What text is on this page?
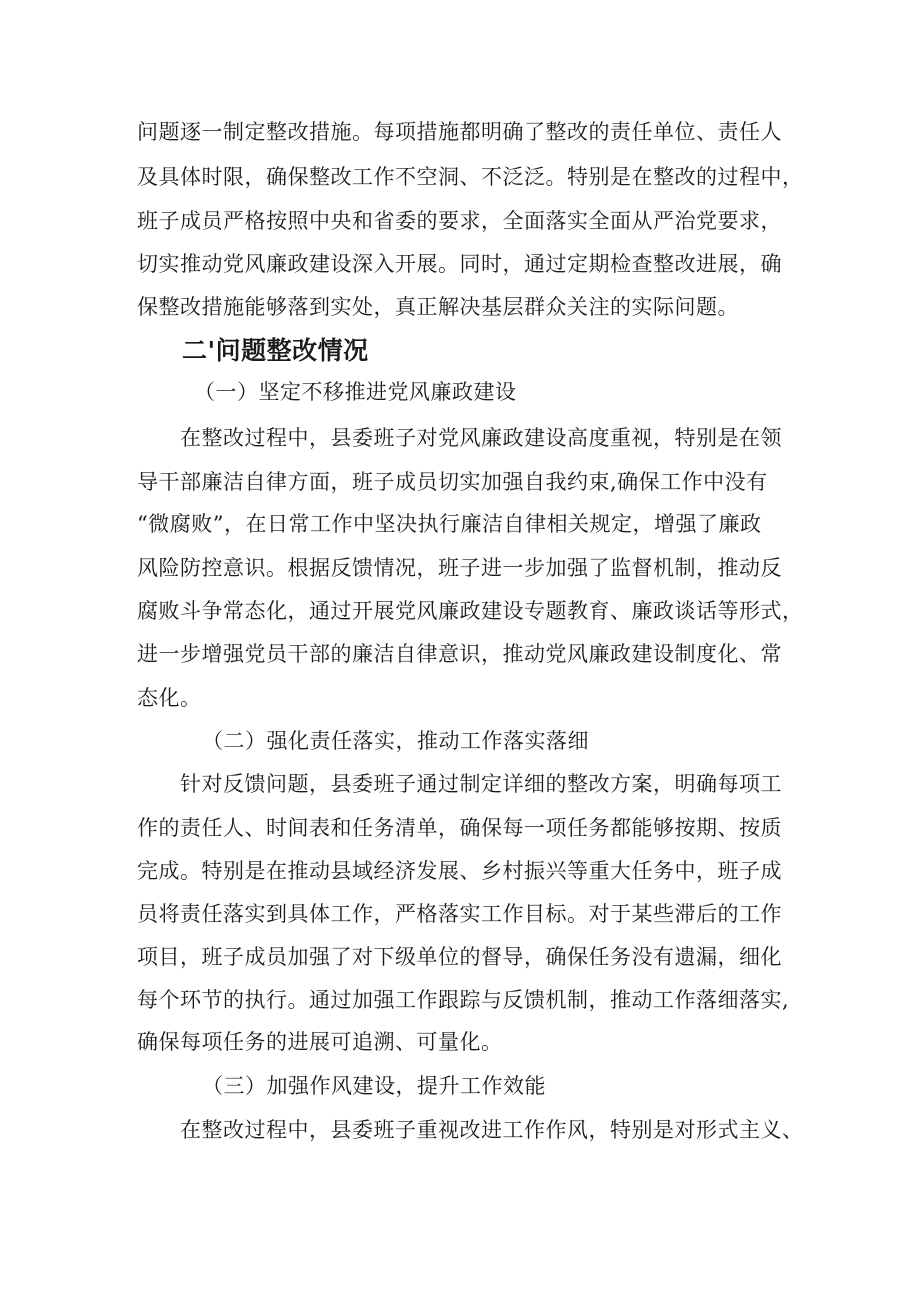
问题逐一制定整改措施。每项措施都明确了整改的责任单位、责任人
及具体时限，确保整改工作不空洞、不泛泛。特别是在整改的过程中，
班子成员严格按照中央和省委的要求，全面落实全面从严治党要求，
切实推动党风廉政建设深入开展。同时，通过定期检查整改进展，确
保整改措施能够落到实处，真正解决基层群众关注的实际问题。
二'问题整改情况
（一）坚定不移推进党风廉政建设
在整改过程中，县委班子对党风廉政建设高度重视，特别是在领
导干部廉洁自律方面，班子成员切实加强自我约束,确保工作中没有
“微腐败”，在日常工作中坚决执行廉洁自律相关规定，增强了廉政
风险防控意识。根据反馈情况，班子进一步加强了监督机制，推动反
腐败斗争常态化，通过开展党风廉政建设专题教育、廉政谈话等形式，
进一步增强党员干部的廉洁自律意识，推动党风廉政建设制度化、常
态化。
（二）强化责任落实，推动工作落实落细
针对反馈问题，县委班子通过制定详细的整改方案，明确每项工
作的责任人、时间表和任务清单，确保每一项任务都能够按期、按质
完成。特别是在推动县域经济发展、乡村振兴等重大任务中，班子成
员将责任落实到具体工作，严格落实工作目标。对于某些滞后的工作
项目，班子成员加强了对下级单位的督导，确保任务没有遗漏，细化
每个环节的执行。通过加强工作跟踪与反馈机制，推动工作落细落实,
确保每项任务的进展可追溯、可量化。
（三）加强作风建设，提升工作效能
在整改过程中，县委班子重视改进工作作风，特别是对形式主义、
